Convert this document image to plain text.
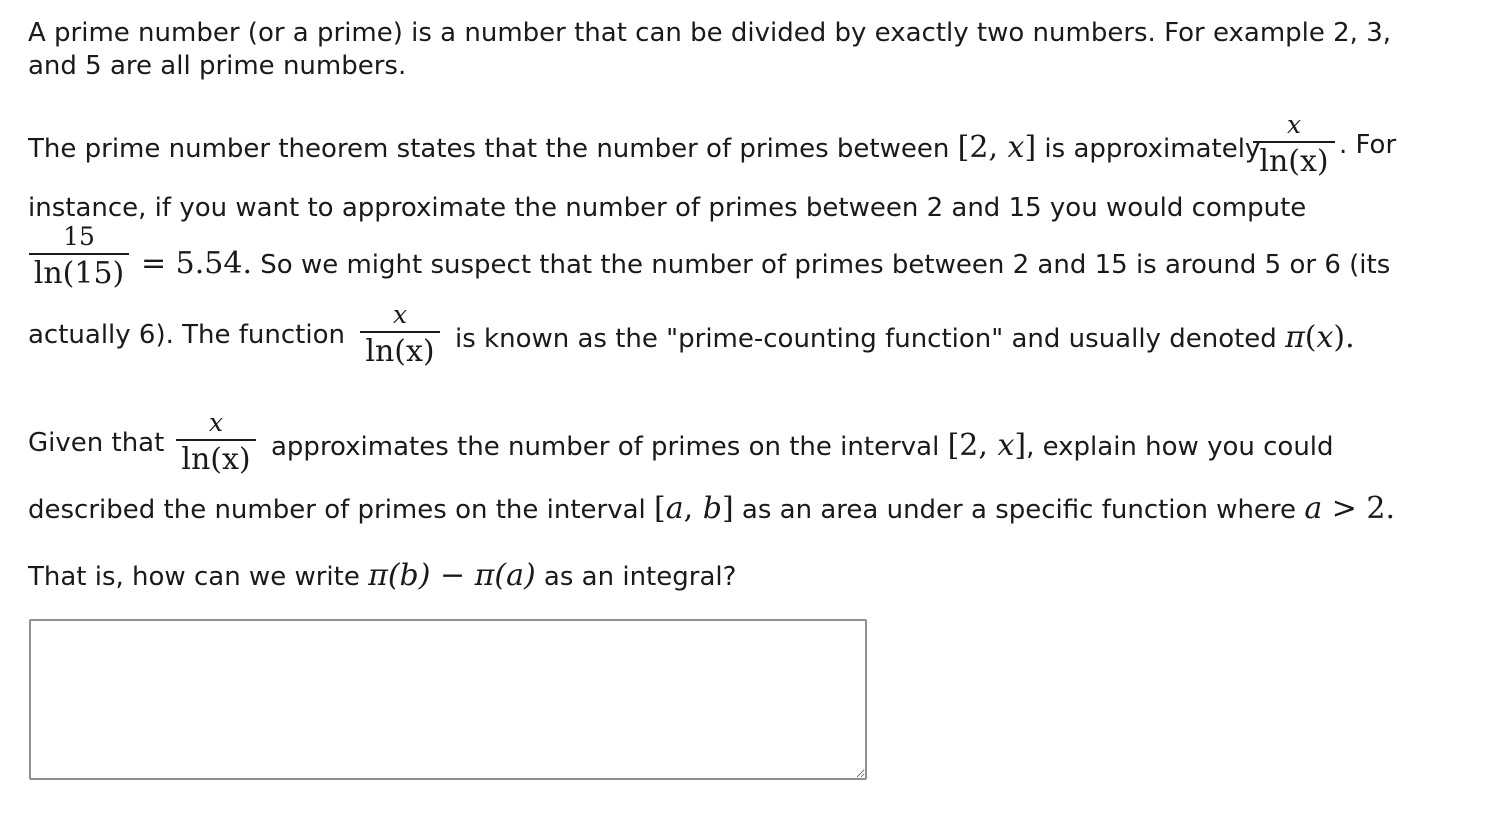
A prime number (or a prime) is a number that can be divided by exactly two numbers. For example 2, 3,
and 5 are all prime numbers.
The prime number theorem states that the number of primes between [2, x] is approximately
x
ln(x) . For
instance, if you want to approximate the number of primes between 2 and 15 you would compute
15
ln(15) = 5.54. So we might suspect that the number of primes between 2 and 15 is around 5 or 6 (its
actually 6). The function
x
ln(x) is known as the "prime-counting function" and usually denoted π(x).
Given that
x
ln(x) approximates the number of primes on the interval [2, x], explain how you could
described the number of primes on the interval [a, b] as an area under a specific function where a > 2.
That is, how can we write π(b) − π(a) as an integral?
